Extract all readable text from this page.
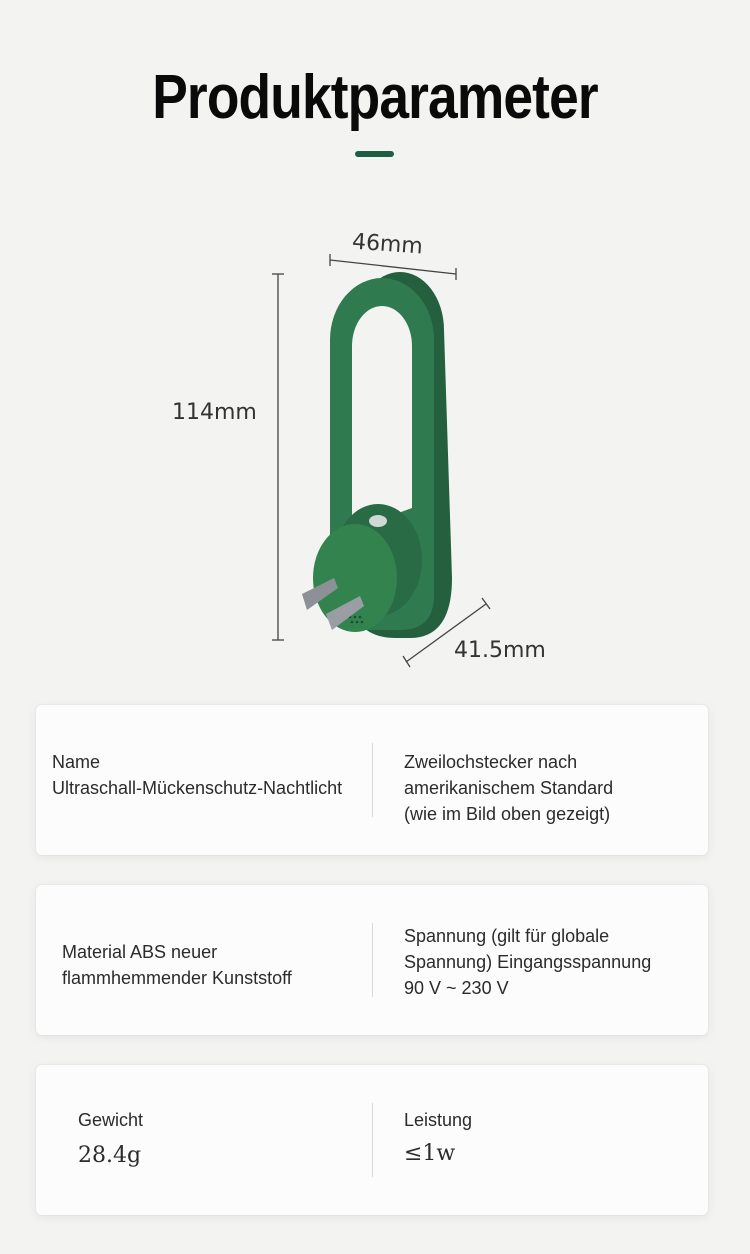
Produktparameter
46mm
114mm
41.5mm
Name
Ultraschall-Mückenschutz-Nachtlicht
Zweilochstecker nach
amerikanischem Standard
(wie im Bild oben gezeigt)
Material ABS neuer
flammhemmender Kunststoff
Spannung (gilt für globale
Spannung) Eingangsspannung
90 V ~ 230 V
Gewicht
28.4g
Leistung
≤1w
